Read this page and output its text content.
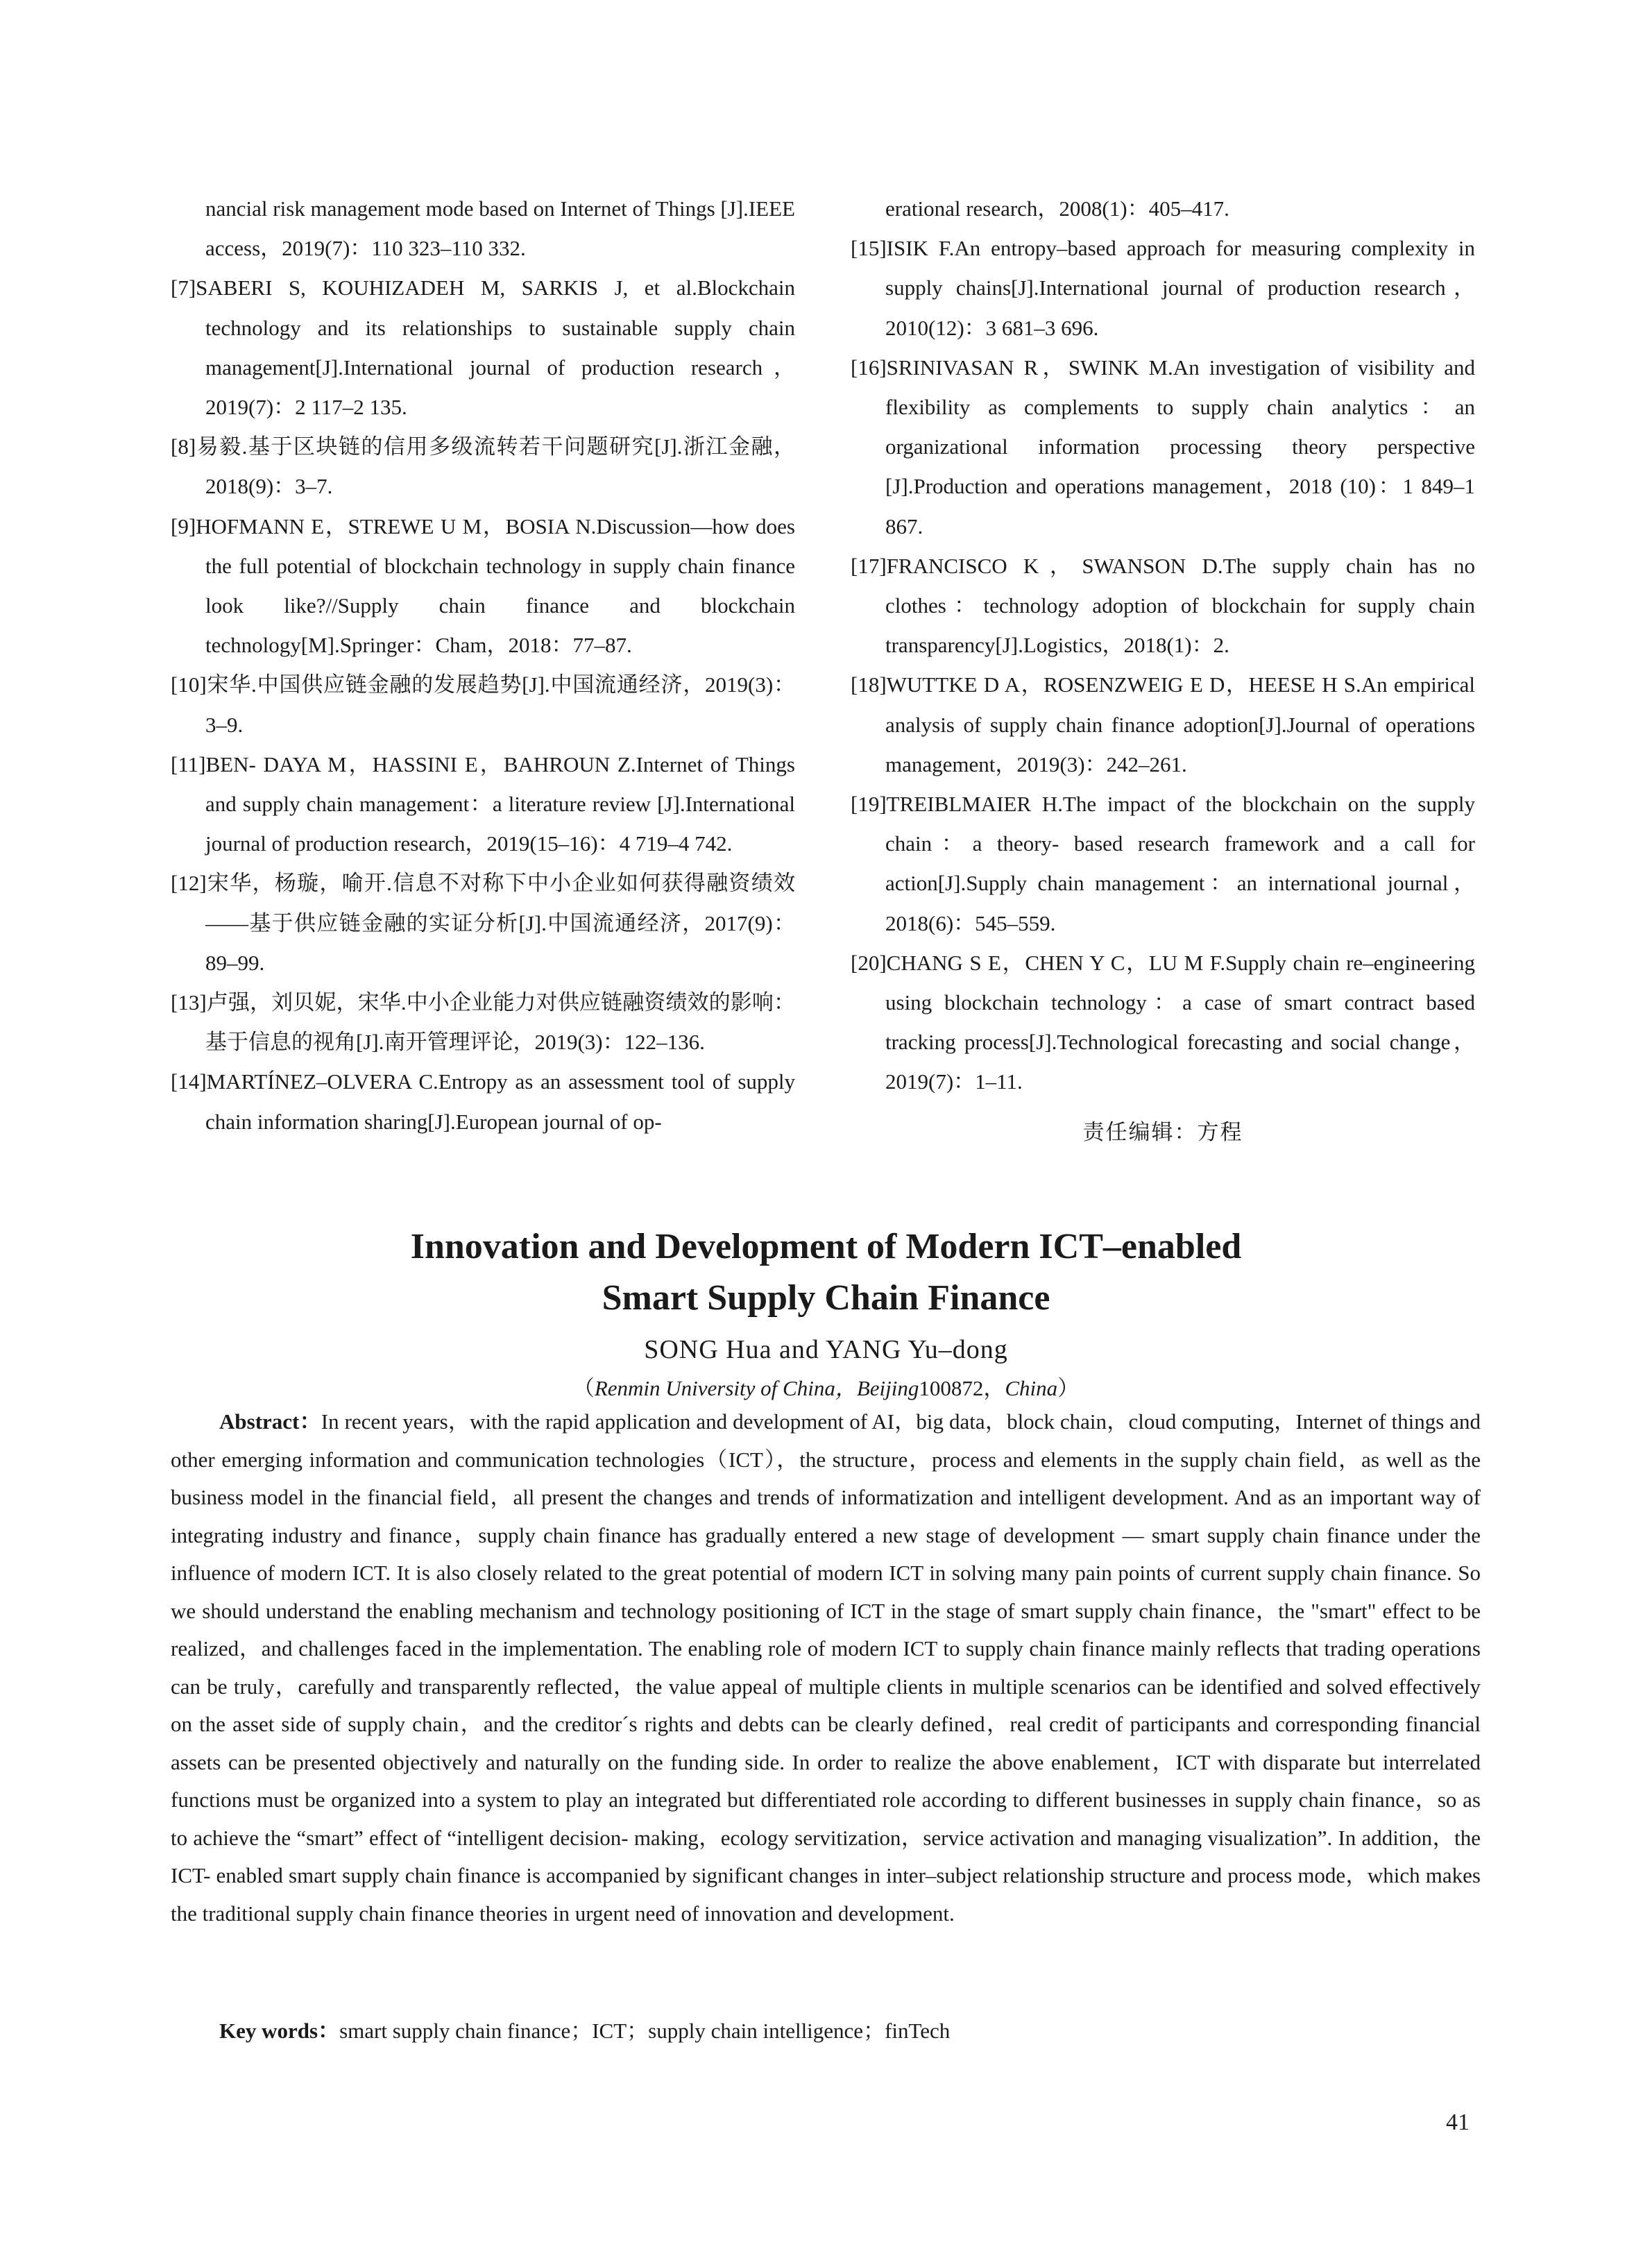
nancial risk management mode based on Internet of Things [J].IEEE access，2019(7)：110 323–110 332.

[7]SABERI S, KOUHIZADEH M, SARKIS J, et al.Blockchain technology and its relationships to sustainable supply chain management[J].International journal of production research，2019(7)：2 117–2 135.

[8]易毅.基于区块链的信用多级流转若干问题研究[J].浙江金融，2018(9)：3–7.

[9]HOFMANN E，STREWE U M，BOSIA N.Discussion—how does the full potential of blockchain technology in supply chain finance look like?//Supply chain finance and blockchain technology[M].Springer：Cham，2018：77–87.

[10]宋华.中国供应链金融的发展趋势[J].中国流通经济，2019(3)：3–9.

[11]BEN- DAYA M，HASSINI E，BAHROUN Z.Internet of Things and supply chain management：a literature review [J].International journal of production research，2019(15–16)：4 719–4 742.

[12]宋华，杨璇，喻开.信息不对称下中小企业如何获得融资绩效——基于供应链金融的实证分析[J].中国流通经济，2017(9)：89–99.

[13]卢强，刘贝妮，宋华.中小企业能力对供应链融资绩效的影响：基于信息的视角[J].南开管理评论，2019(3)：122–136.

[14]MARTÍNEZ–OLVERA C.Entropy as an assessment tool of supply chain information sharing[J].European journal of op-

erational research，2008(1)：405–417.

[15]ISIK F.An entropy–based approach for measuring complexity in supply chains[J].International journal of production research，2010(12)：3 681–3 696.

[16]SRINIVASAN R，SWINK M.An investigation of visibility and flexibility as complements to supply chain analytics：an organizational information processing theory perspective [J].Production and operations management，2018 (10)：1 849–1 867.

[17]FRANCISCO K，SWANSON D.The supply chain has no clothes：technology adoption of blockchain for supply chain transparency[J].Logistics，2018(1)：2.

[18]WUTTKE D A，ROSENZWEIG E D，HEESE H S.An empirical analysis of supply chain finance adoption[J].Journal of operations management，2019(3)：242–261.

[19]TREIBLMAIER H.The impact of the blockchain on the supply chain：a theory- based research framework and a call for action[J].Supply chain management：an international journal，2018(6)：545–559.

[20]CHANG S E，CHEN Y C，LU M F.Supply chain re–engineering using blockchain technology：a case of smart contract based tracking process[J].Technological forecasting and social change，2019(7)：1–11.

责任编辑：方程

Innovation and Development of Modern ICT–enabled

Smart Supply Chain Finance

SONG Hua and YANG Yu–dong
（Renmin University of China，Beijing100872，China）

Abstract：In recent years，with the rapid application and development of AI，big data，block chain，cloud computing，Internet of things and other emerging information and communication technologies（ICT），the structure，process and elements in the supply chain field，as well as the business model in the financial field，all present the changes and trends of informatization and intelligent development. And as an important way of integrating industry and finance，supply chain finance has gradually entered a new stage of development –– smart supply chain finance under the influence of modern ICT. It is also closely related to the great potential of modern ICT in solving many pain points of current supply chain finance. So we should understand the enabling mechanism and technology positioning of ICT in the stage of smart supply chain finance，the "smart" effect to be realized，and challenges faced in the implementation. The enabling role of modern ICT to supply chain finance mainly reflects that trading operations can be truly，carefully and transparently reflected，the value appeal of multiple clients in multiple scenarios can be identified and solved effectively on the asset side of supply chain，and the creditor´s rights and debts can be clearly defined，real credit of participants and corresponding financial assets can be presented objectively and naturally on the funding side. In order to realize the above enablement，ICT with disparate but interrelated functions must be organized into a system to play an integrated but differentiated role according to different businesses in supply chain finance，so as to achieve the “smart” effect of “intelligent decision- making，ecology servitization，service activation and managing visualization”. In addition，the ICT- enabled smart supply chain finance is accompanied by significant changes in inter–subject relationship structure and process mode，which makes the traditional supply chain finance theories in urgent need of innovation and development.

Key words：smart supply chain finance；ICT；supply chain intelligence；finTech
41
